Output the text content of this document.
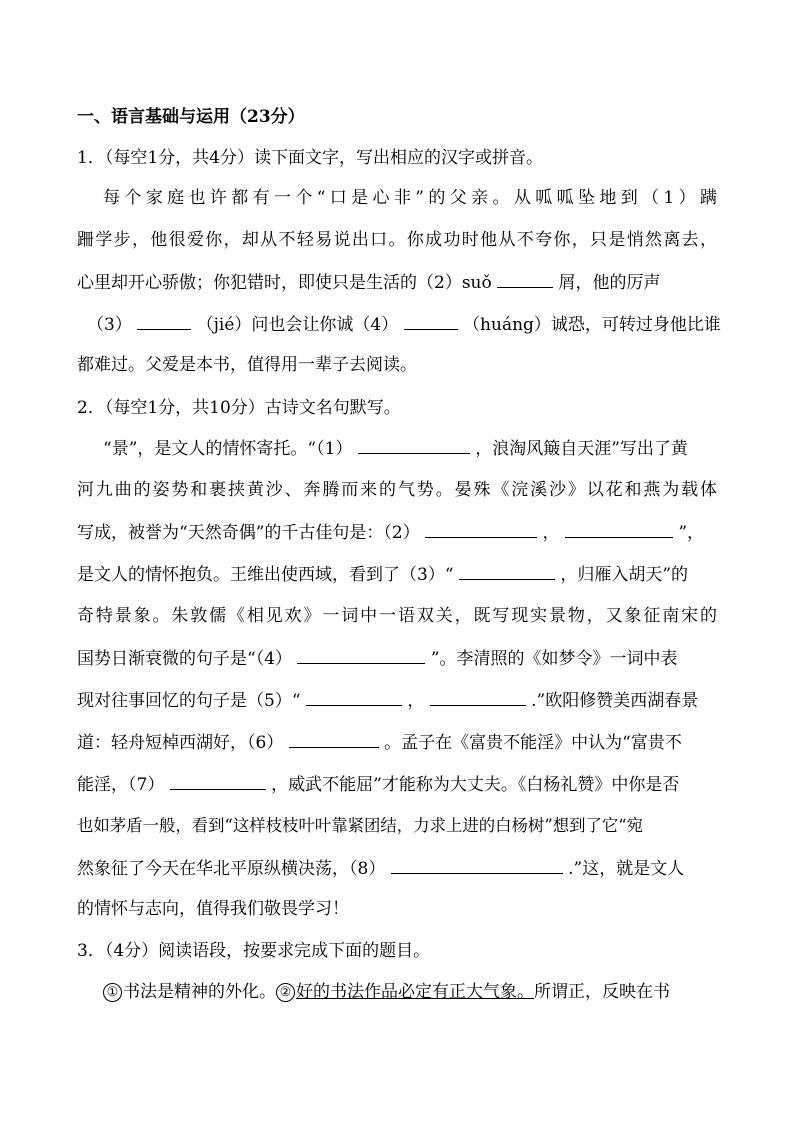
一、语言基础与运用（23分）
1．（每空1分，共4分）读下面文字，写出相应的汉字或拼音。
每个家庭也许都有一个“口是心非”的父亲。从呱呱坠地到（1）蹒
跚学步，他很爱你，却从不轻易说出口。你成功时他从不夸你，只是悄然离去，
心里却开心骄傲；你犯错时，即使只是生活的（2）suǒ	屑，他的厉声
（3）	（jié）问也会让你诚（4）	（huáng）诚恐，可转过身他比谁
都难过。父爱是本书，值得用一辈子去阅读。
2．（每空1分，共10分）古诗文名句默写。
“景”，是文人的情怀寄托。“（1）	，浪淘风簸自天涯”写出了黄
河九曲的姿势和裹挟黄沙、奔腾而来的气势。晏殊《浣溪沙》以花和燕为载体
写成，被誉为“天然奇偶”的千古佳句是：（2）	，	”，
是文人的情怀抱负。王维出使西域，看到了（3）“	，归雁入胡天”的
奇特景象。朱敦儒《相见欢》一词中一语双关，既写现实景物，又象征南宋的
国势日渐衰微的句子是“（4）	”。李清照的《如梦令》一词中表
现对往事回忆的句子是（5）“	，	.”欧阳修赞美西湖春景
道：轻舟短棹西湖好，（6）	。孟子在《富贵不能淫》中认为“富贵不
能淫，（7）	，威武不能屈”才能称为大丈夫。《白杨礼赞》中你是否
也如茅盾一般，看到“这样枝枝叶叶靠紧团结，力求上进的白杨树”想到了它“宛
然象征了今天在华北平原纵横决荡，（8）	.”这，就是文人
的情怀与志向，值得我们敬畏学习！
3．（4分）阅读语段，按要求完成下面的题目。
① 书法是精神的外化。 ② 好的书法作品必定有正大气象。所谓正，反映在书
